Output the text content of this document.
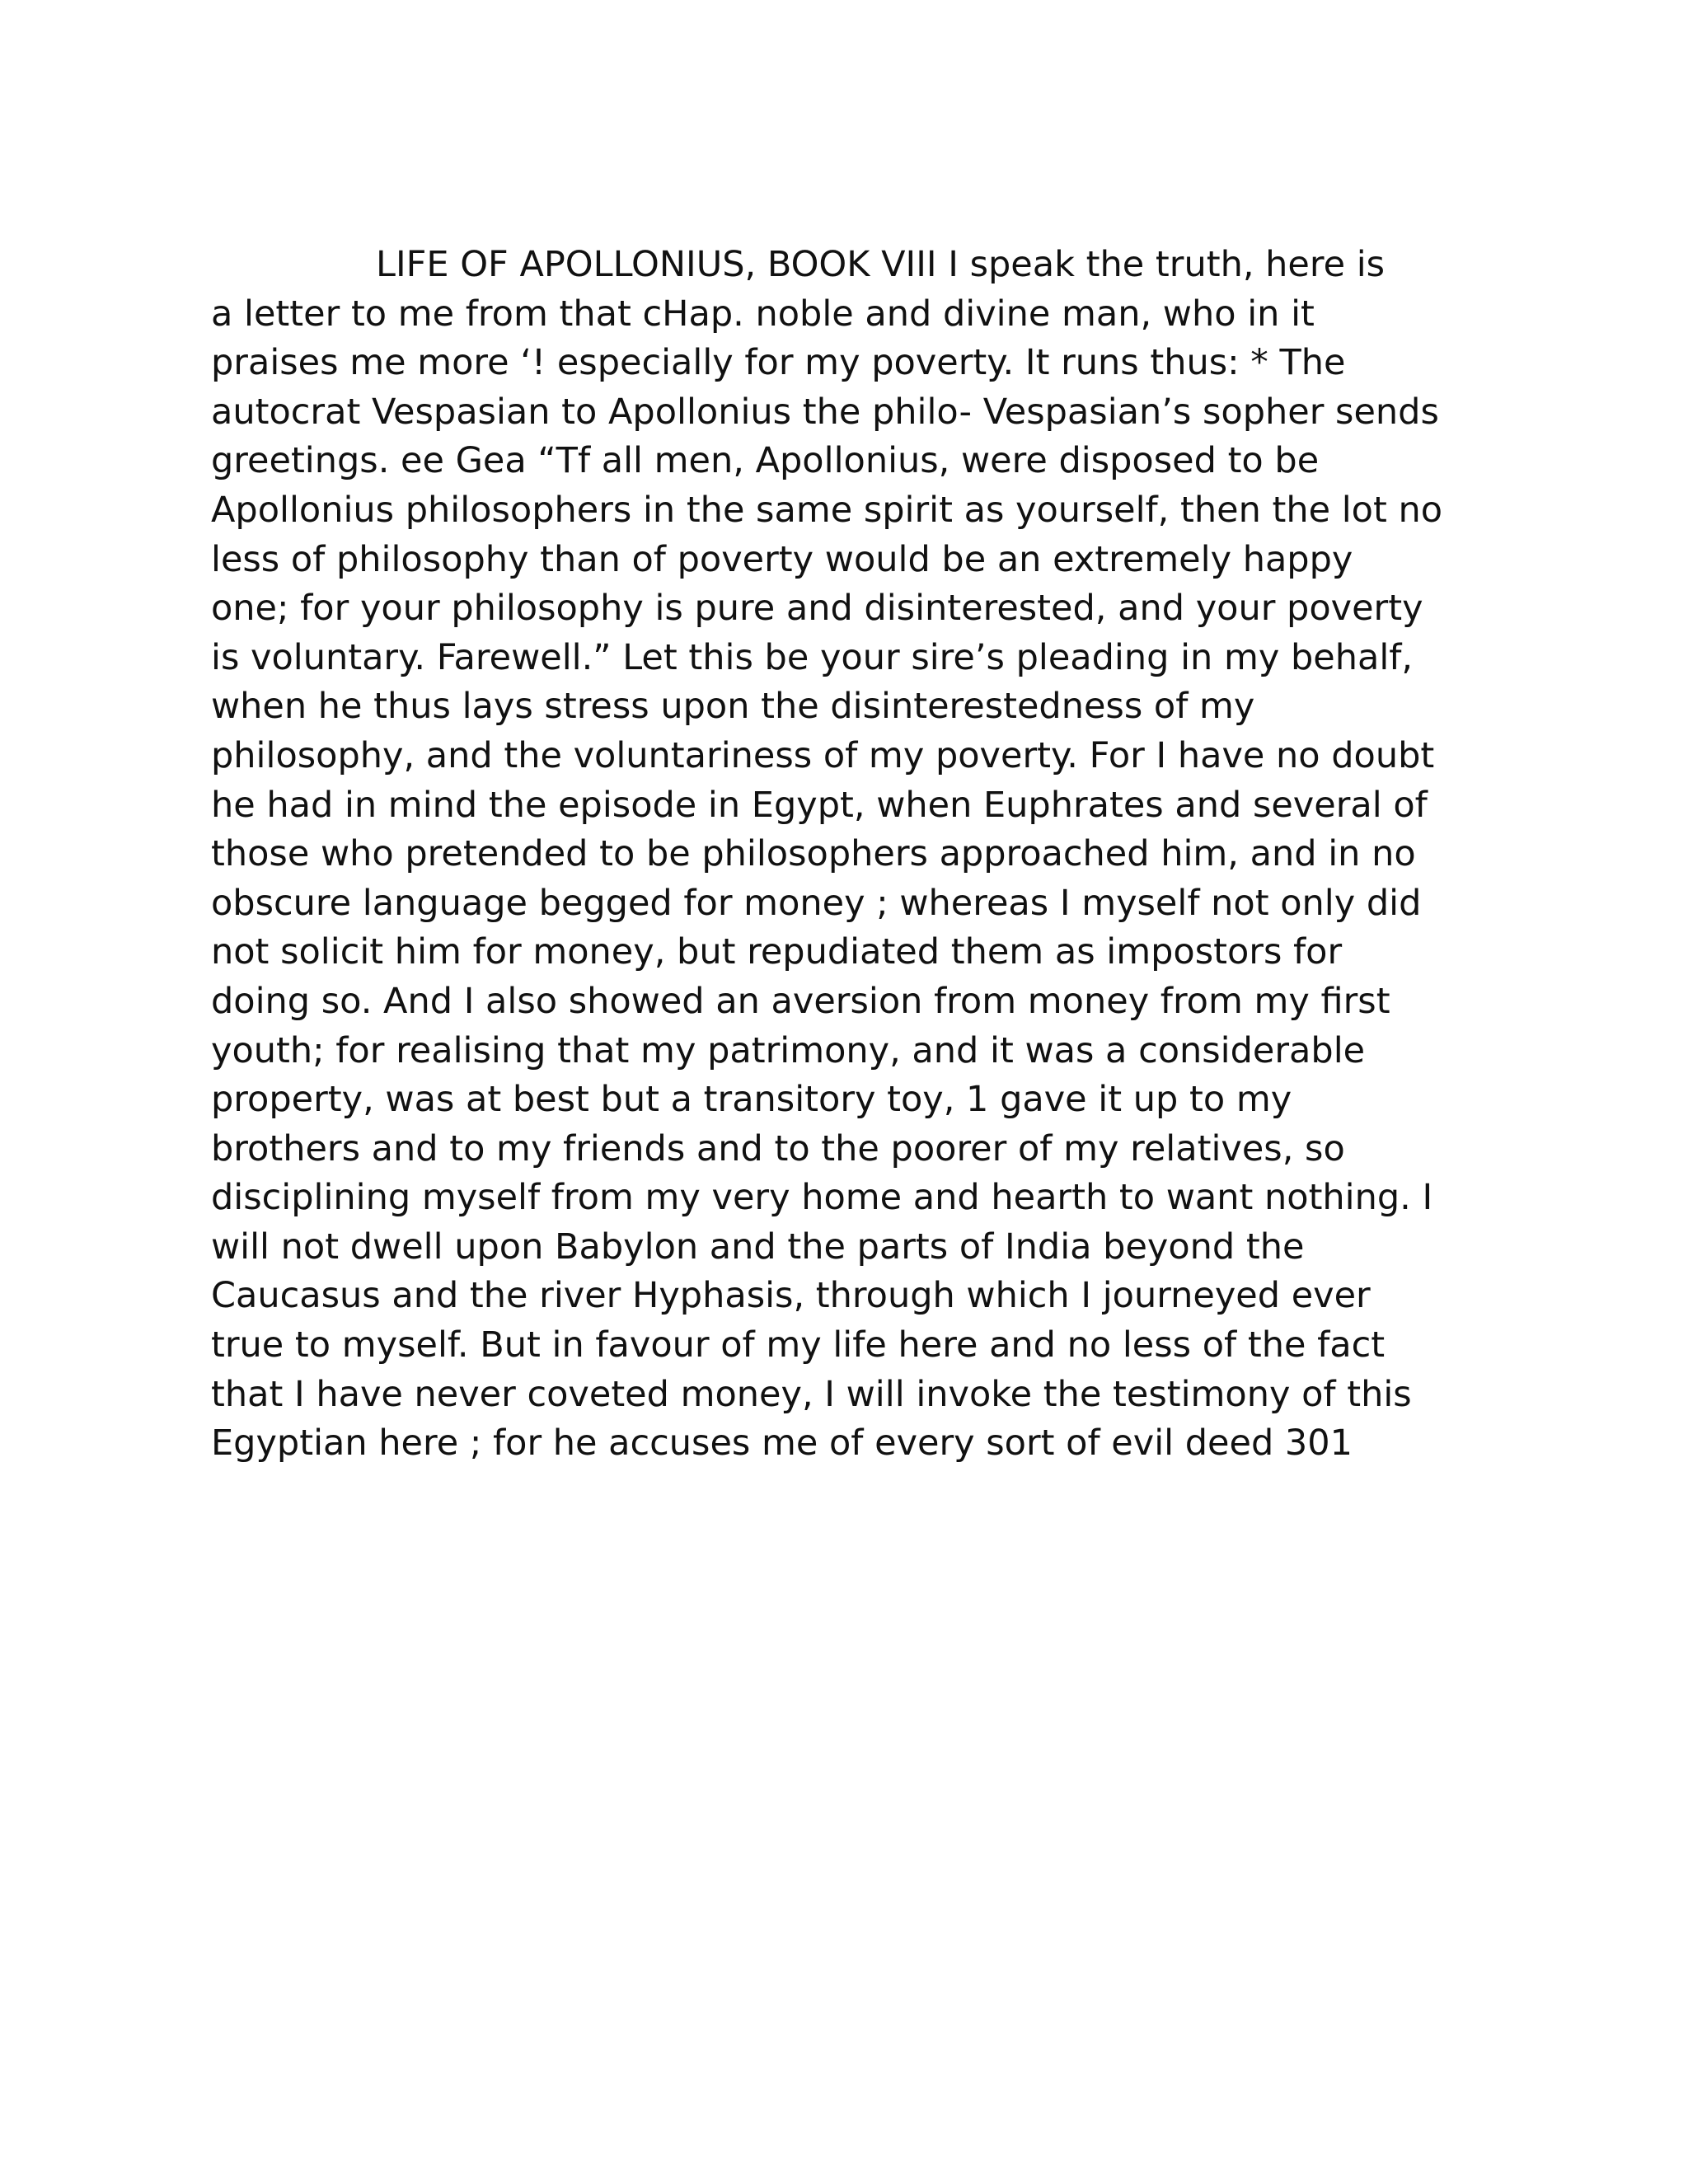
LIFE OF APOLLONIUS, BOOK VIII I speak the truth, here is
a letter to me from that cHap. noble and divine man, who in it
praises me more ‘! especially for my poverty. It runs thus: * The
autocrat Vespasian to Apollonius the philo- Vespasian’s sopher sends
greetings. ee Gea “Tf all men, Apollonius, were disposed to be
Apollonius philosophers in the same spirit as yourself, then the lot no
less of philosophy than of poverty would be an extremely happy
one; for your philosophy is pure and disinterested, and your poverty
is voluntary. Farewell.” Let this be your sire’s pleading in my behalf,
when he thus lays stress upon the disinterestedness of my
philosophy, and the voluntariness of my poverty. For I have no doubt
he had in mind the episode in Egypt, when Euphrates and several of
those who pretended to be philosophers approached him, and in no
obscure language begged for money ; whereas I myself not only did
not solicit him for money, but repudiated them as impostors for
doing so. And I also showed an aversion from money from my first
youth; for realising that my patrimony, and it was a considerable
property, was at best but a transitory toy, 1 gave it up to my
brothers and to my friends and to the poorer of my relatives, so
disciplining myself from my very home and hearth to want nothing. I
will not dwell upon Babylon and the parts of India beyond the
Caucasus and the river Hyphasis, through which I journeyed ever
true to myself. But in favour of my life here and no less of the fact
that I have never coveted money, I will invoke the testimony of this
Egyptian here ; for he accuses me of every sort of evil deed 301
